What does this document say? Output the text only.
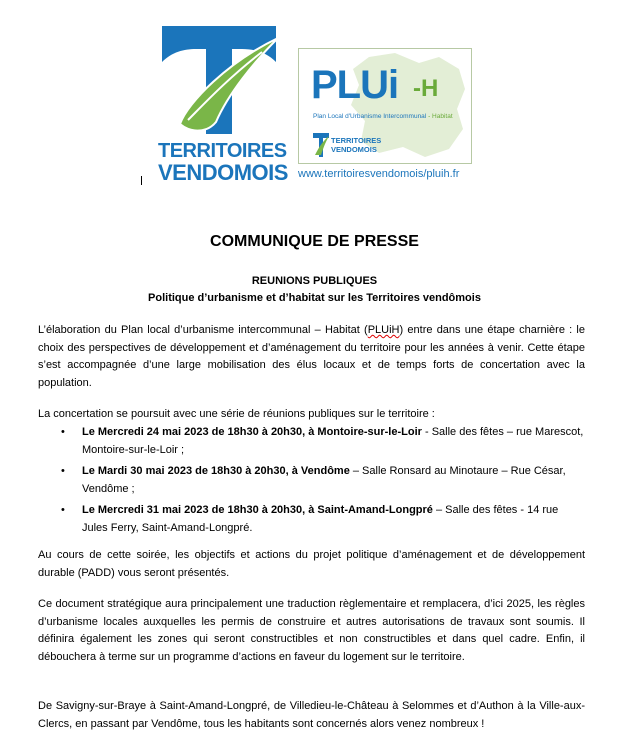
TERRITOIRES
VENDOMOIS
PLUi -H
Plan Local d'Urbanisme Intercommunal - Habitat
TERRITOIRES
VENDOMOIS
www.territoiresvendomois/pluih.fr
COMMUNIQUE DE PRESSE
REUNIONS PUBLIQUES
Politique d’urbanisme et d’habitat sur les Territoires vendômois
L’élaboration du Plan local d’urbanisme intercommunal – Habitat (PLUiH) entre dans une étape charnière : le choix des perspectives de développement et d’aménagement du territoire pour les années à venir. Cette étape s’est accompagnée d’une large mobilisation des élus locaux et de temps forts de concertation avec la population.
La concertation se poursuit avec une série de réunions publiques sur le territoire :
• Le Mercredi 24 mai 2023 de 18h30 à 20h30, à Montoire-sur-le-Loir - Salle des fêtes – rue Marescot, Montoire-sur-le-Loir ;
• Le Mardi 30 mai 2023 de 18h30 à 20h30, à Vendôme – Salle Ronsard au Minotaure – Rue César, Vendôme ;
• Le Mercredi 31 mai 2023 de 18h30 à 20h30, à Saint-Amand-Longpré – Salle des fêtes - 14 rue Jules Ferry, Saint-Amand-Longpré.
Au cours de cette soirée, les objectifs et actions du projet politique d’aménagement et de développement durable (PADD) vous seront présentés.
Ce document stratégique aura principalement une traduction règlementaire et remplacera, d’ici 2025, les règles d’urbanisme locales auxquelles les permis de construire et autres autorisations de travaux sont soumis. Il définira également les zones qui seront constructibles et non constructibles et dans quel cadre. Enfin, il débouchera à terme sur un programme d’actions en faveur du logement sur le territoire.
De Savigny-sur-Braye à Saint-Amand-Longpré, de Villedieu-le-Château à Selommes et d’Authon à la Ville-aux-Clercs, en passant par Vendôme, tous les habitants sont concernés alors venez nombreux !
